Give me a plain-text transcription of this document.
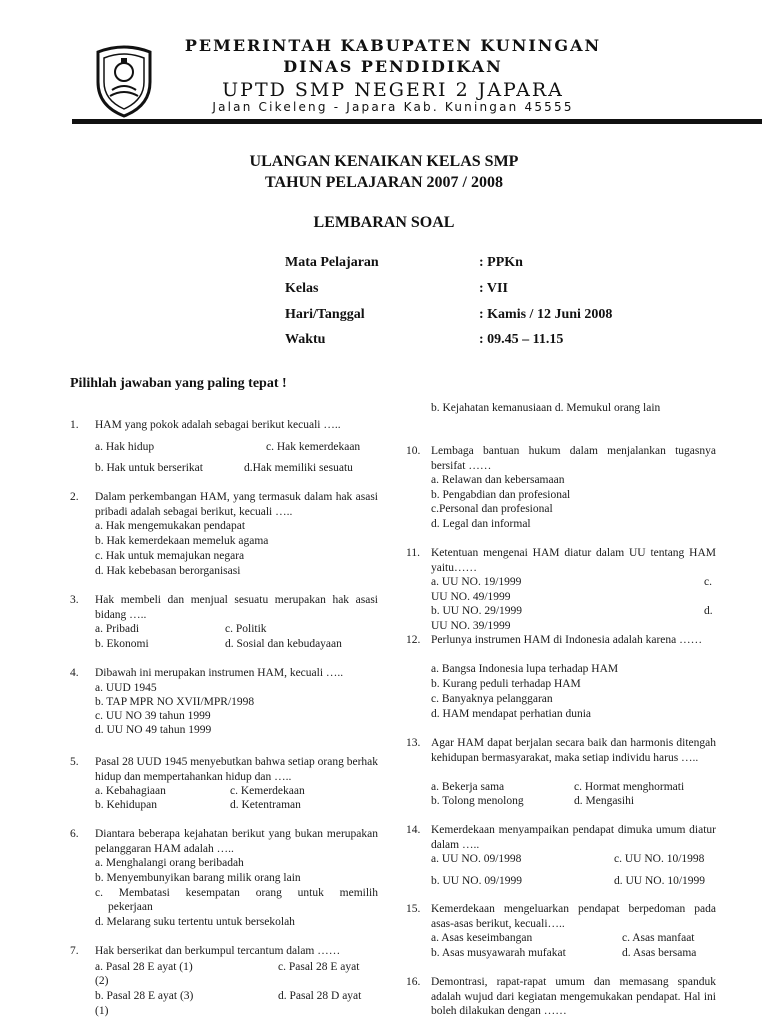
PEMERINTAH KABUPATEN KUNINGAN
DINAS PENDIDIKAN
UPTD SMP NEGERI 2 JAPARA
Jalan Cikeleng - Japara Kab. Kuningan 45555
ULANGAN KENAIKAN KELAS SMP
TAHUN PELAJARAN 2007 / 2008
LEMBARAN SOAL
Mata Pelajaran	: PPKn
Kelas	: VII
Hari/Tanggal	: Kamis / 12 Juni 2008
Waktu	: 09.45 – 11.15
Pilihlah jawaban yang paling tepat !
1. HAM yang pokok adalah sebagai berikut kecuali …..
a. Hak hidup	c. Hak kemerdekaan
b. Hak untuk berserikat	d.Hak memiliki sesuatu
2. Dalam perkembangan HAM, yang termasuk dalam hak asasi pribadi adalah sebagai berikut, kecuali …..
a. Hak mengemukakan pendapat
b. Hak kemerdekaan memeluk agama
c. Hak untuk memajukan negara
d. Hak kebebasan berorganisasi
3. Hak membeli dan menjual sesuatu merupakan hak asasi bidang …..
a. Pribadi	c. Politik
b. Ekonomi	d. Sosial dan kebudayaan
4. Dibawah ini merupakan instrumen HAM, kecuali …..
a. UUD 1945
b. TAP MPR NO XVII/MPR/1998
c. UU NO 39 tahun 1999
d. UU NO 49 tahun 1999
5. Pasal 28 UUD 1945 menyebutkan bahwa setiap orang berhak hidup dan mempertahankan hidup dan …..
a. Kebahagiaan	c. Kemerdekaan
b. Kehidupan	d. Ketentraman
6. Diantara beberapa kejahatan berikut yang bukan merupakan pelanggaran HAM adalah …..
a. Menghalangi orang beribadah
b. Menyembunyikan barang milik orang lain
c. Membatasi kesempatan orang untuk memilih
pekerjaan
d. Melarang suku tertentu untuk bersekolah
7. Hak berserikat dan berkumpul tercantum dalam ……
a. Pasal 28 E ayat (1)	c. Pasal 28 E ayat
(2)
b. Pasal 28 E ayat (3)	d. Pasal 28 D ayat
(1)
b. Kejahatan kemanusiaan d. Memukul orang lain
10. Lembaga bantuan hukum dalam menjalankan tugasnya bersifat ……
a. Relawan dan kebersamaan
b. Pengabdian dan profesional
c.Personal dan profesional
d. Legal dan informal
11. Ketentuan mengenai HAM diatur dalam UU tentang HAM yaitu……
a. UU NO. 19/1999	c.
UU NO. 49/1999
b. UU NO. 29/1999	d.
UU NO. 39/1999
12. Perlunya instrumen HAM di Indonesia adalah karena ……
a. Bangsa Indonesia lupa terhadap HAM
b. Kurang peduli terhadap HAM
c. Banyaknya pelanggaran
d. HAM mendapat perhatian dunia
13. Agar HAM dapat berjalan secara baik dan harmonis ditengah kehidupan bermasyarakat, maka setiap individu harus …..
a. Bekerja sama	c. Hormat menghormati
b. Tolong menolong	d. Mengasihi
14. Kemerdekaan menyampaikan pendapat dimuka umum diatur dalam …..
a. UU NO. 09/1998	c. UU NO. 10/1998
b. UU NO. 09/1999	d. UU NO. 10/1999
15. Kemerdekaan mengeluarkan pendapat berpedoman pada asas-asas berikut, kecuali…..
a. Asas keseimbangan	c. Asas manfaat
b. Asas musyawarah mufakat	d. Asas bersama
16. Demontrasi, rapat-rapat umum dan memasang spanduk adalah wujud dari kegiatan mengemukakan pendapat. Hal ini boleh dilakukan dengan ……
